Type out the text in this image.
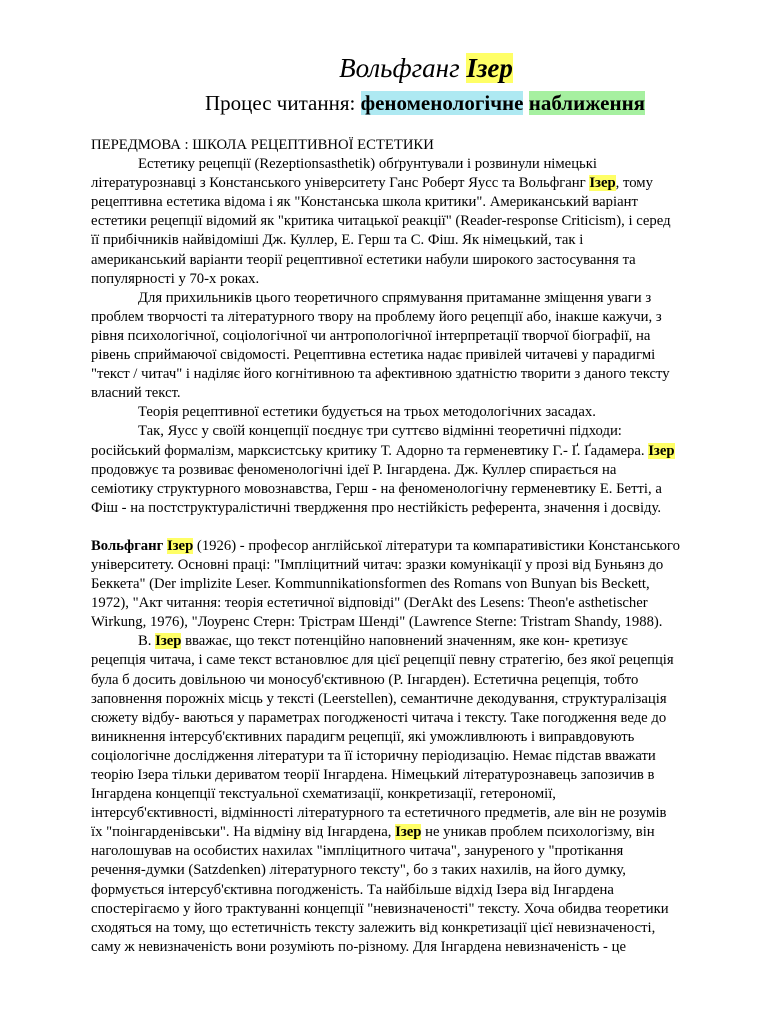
Вольфганг Ізер
Процес читання: феноменологічне наближення
ПЕРЕДМОВА : ШКОЛА РЕЦЕПТИВНОЇ ЕСТЕТИКИ
Естетику рецепції (Rezeptionsasthetik) обґрунтували і розвинули німецькі
літературознавці з Констанського університету Ганс Роберт Яусс та Вольфганг Ізер, тому
рецептивна естетика відома і як "Констанська школа критики". Американський варіант
естетики рецепції відомий як "критика читацької реакції" (Reader-response Criticism), і серед
її прибічників найвідоміші Дж. Куллер, Е. Герш та С. Фіш. Як німецький, так і
американський варіанти теорії рецептивної естетики набули широкого застосування та
популярності у 70-х роках.
Для прихильників цього теоретичного спрямування притаманне зміщення уваги з
проблем творчості та літературного твору на проблему його рецепції або, інакше кажучи, з
рівня психологічної, соціологічної чи антропологічної інтерпретації творчої біографії, на
рівень сприймаючої свідомості. Рецептивна естетика надає привілей читачеві у парадигмі
"текст / читач" і наділяє його когнітивною та афективною здатністю творити з даного тексту
власний текст.
Теорія рецептивної естетики будується на трьох методологічних засадах.
Так, Яусс у своїй концепції поєднує три суттєво відмінні теоретичні підходи:
російський формалізм, марксистську критику Т. Адорно та герменевтику Г.- Ґ. Ґадамера. Ізер
продовжує та розвиває феноменологічні ідеї Р. Інгардена. Дж. Куллер спирається на
семіотику структурного мовознавства, Герш - на феноменологічну герменевтику Е. Бетті, а
Фіш - на постструктуралістичні твердження про нестійкість референта, значення і досвіду.
Вольфганг Ізер (1926) - професор англійської літератури та компаративістики Констанського
університету. Основні праці: "Імпліцитний читач: зразки комунікації у прозі від Буньянз до
Беккета" (Der implizite Leser. Kommunnikationsformen des Romans von Bunyan bis Beckett,
1972), "Акт читання: теорія естетичної відповіді" (DerAkt des Lesens: Theon'e asthetischer
Wirkung, 1976), "Лоуренс Стерн: Трістрам Шенді" (Lawrence Sterne: Tristram Shandy, 1988).
В. Ізер вважає, що текст потенційно наповнений значенням, яке кон- кретизує
рецепція читача, і саме текст встановлює для цієї рецепції певну стратегію, без якої рецепція
була б досить довільною чи моносуб'єктивною (Р. Інгарден). Естетична рецепція, тобто
заповнення порожніх місць у тексті (Leerstellen), семантичне декодування, структуралізація
сюжету відбу- ваються у параметрах погодженості читача і тексту. Таке погодження веде до
виникнення інтерсуб'єктивних парадигм рецепції, які уможливлюють і виправдовують
соціологічне дослідження літератури та її історичну періодизацію. Немає підстав вважати
теорію Ізера тільки дериватом теорії Інгардена. Німецький літературознавець запозичив в
Інгардена концепції текстуальної схематизації, конкретизації, гетерономії,
інтерсуб'єктивності, відмінності літературного та естетичного предметів, але він не розумів
їх "поінгарденівськи". На відміну від Інгардена, Ізер не уникав проблем психологізму, він
наголошував на особистих нахилах "імпліцитного читача", зануреного у "протікання
речення-думки (Satzdenken) літературного тексту", бо з таких нахилів, на його думку,
формується інтерсуб'єктивна погодженість. Та найбільше відхід Ізера від Інгардена
спостерігаємо у його трактуванні концепції "невизначеності" тексту. Хоча обидва теоретики
сходяться на тому, що естетичність тексту залежить від конкретизації цієї невизначеності,
саму ж невизначеність вони розуміють по-різному. Для Інгардена невизначеність - це
